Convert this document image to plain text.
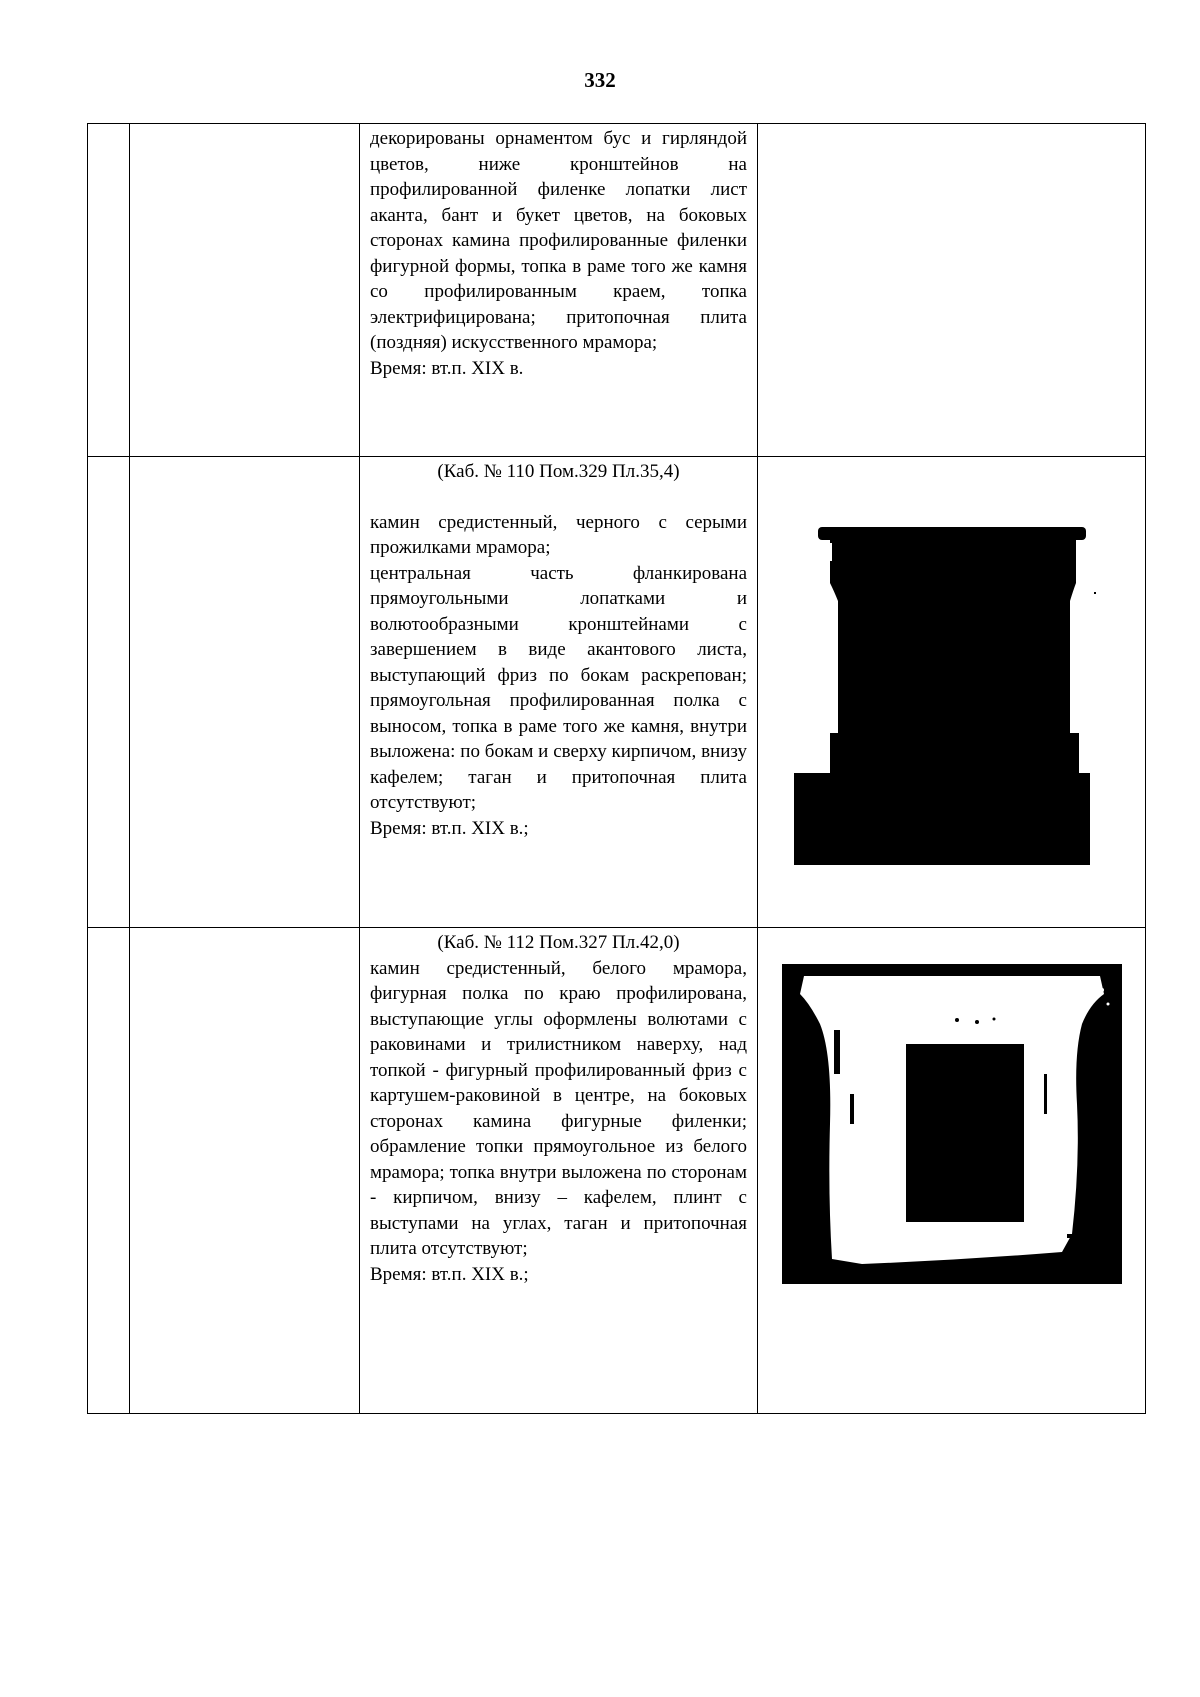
332

		декорированы орнаментом бус и гирляндой цветов, ниже кронштейнов на профилированной филенке лопатки лист аканта, бант и букет цветов, на боковых сторонах камина профилированные филенки фигурной формы, топка в раме того же камня со профилированным краем, топка электрифицирована; притопочная плита (поздняя) искусственного мрамора;

Время: вт.п. XIX в.	

		(Каб. № 110 Пом.329 Пл.35,4)

камин средистенный, черного с серыми прожилками мрамора;

центральная часть фланкирована прямоугольными лопатками и волютообразными кронштейнами с завершением в виде акантового листа, выступающий фриз по бокам раскрепован; прямоугольная профилированная полка с выносом, топка в раме того же камня, внутри выложена: по бокам и сверху кирпичом, внизу кафелем; таган и притопочная плита отсутствуют;

Время: вт.п. XIX в.;

		(Каб. № 112 Пом.327 Пл.42,0)

камин средистенный, белого мрамора, фигурная полка по краю профилирована, выступающие углы оформлены волютами с раковинами и трилистником наверху, над топкой - фигурный профилированный фриз с картушем-раковиной в центре, на боковых сторонах камина фигурные филенки; обрамление топки прямоугольное из белого мрамора; топка внутри выложена по сторонам - кирпичом, внизу – кафелем, плинт с выступами на углах, таган и притопочная плита отсутствуют;

Время: вт.п. XIX в.;
